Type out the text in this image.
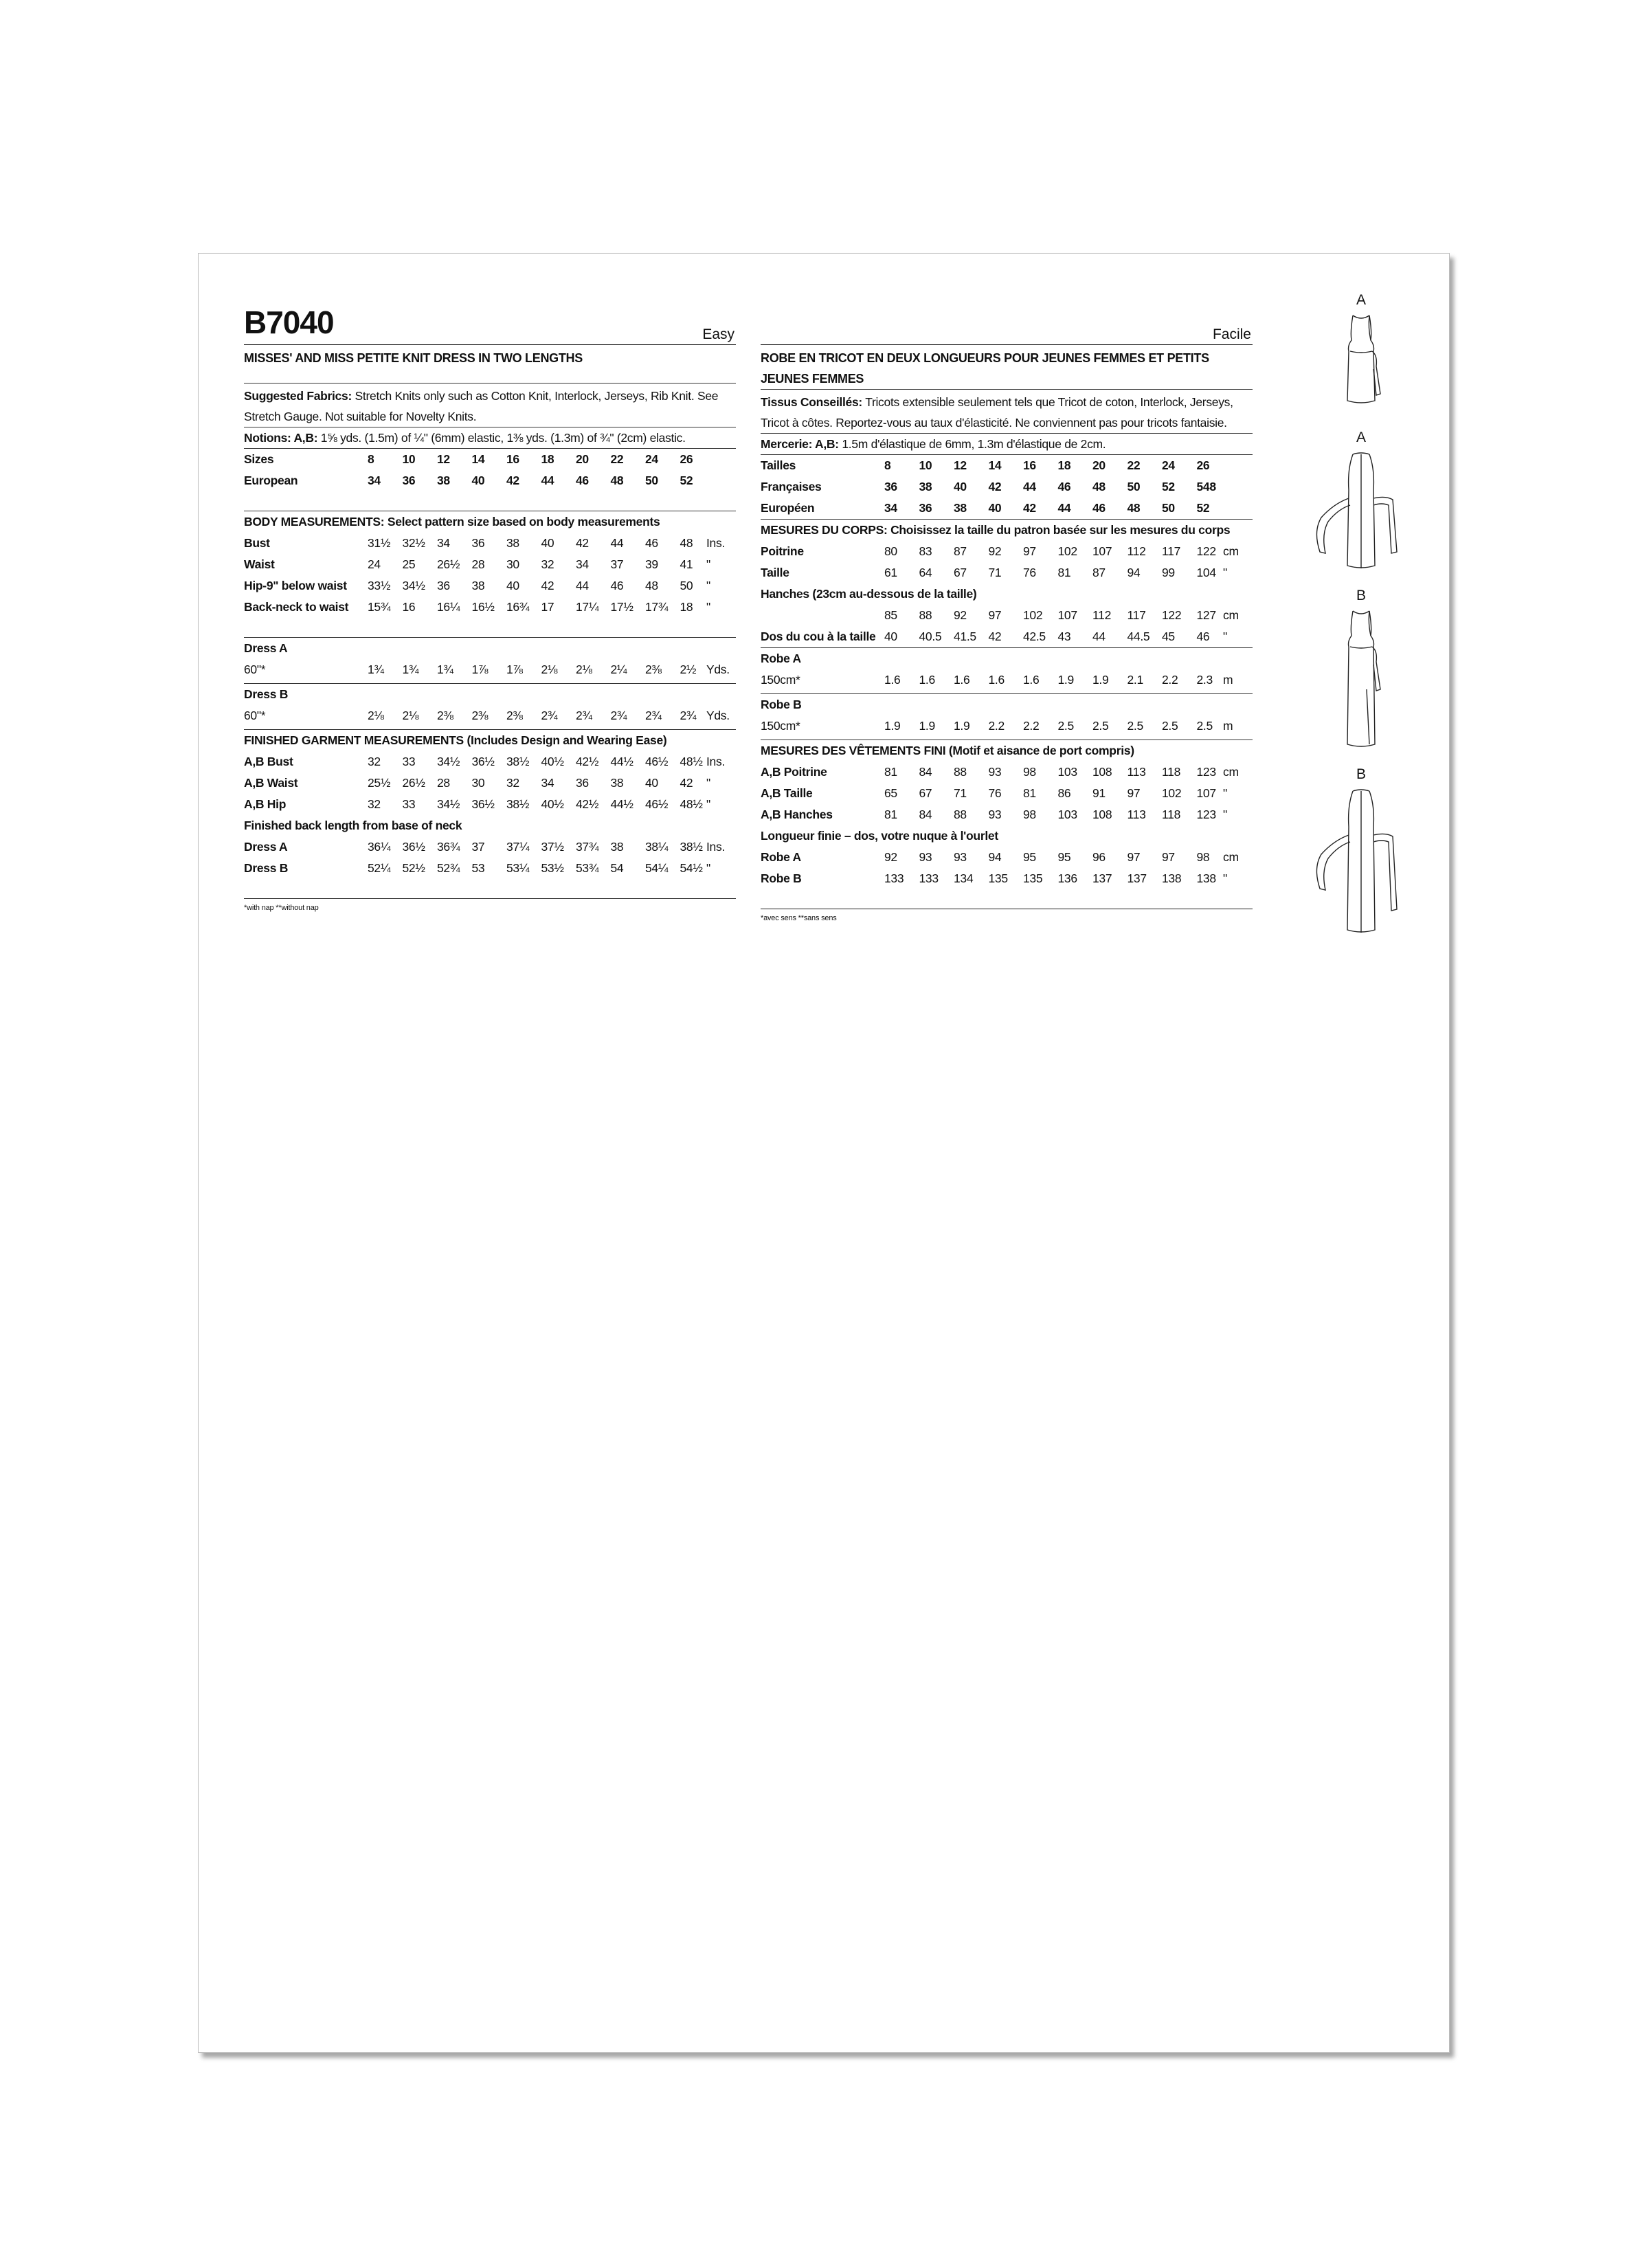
B7040	Easy
MISSES' AND MISS PETITE KNIT DRESS IN TWO LENGTHS
Suggested Fabrics: Stretch Knits only such as Cotton Knit, Interlock, Jerseys, Rib Knit. See Stretch Gauge. Not suitable for Novelty Knits.
Notions: A,B: 1⅝ yds. (1.5m) of ¼" (6mm) elastic, 1⅜ yds. (1.3m) of ¾" (2cm) elastic.
Sizes	8 10 12 14 16 18 20 22 24 26
European	34 36 38 40 42 44 46 48 50 52
BODY MEASUREMENTS: Select pattern size based on body measurements
Bust	31½ 32½ 34 36 38 40 42 44 46 48 Ins.
Waist	24 25 26½ 28 30 32 34 37 39 41 "
Hip-9" below waist 33½ 34½ 36 38 40 42 44 46 48 50 "
Back-neck to waist 15¾ 16 16¼ 16½ 16¾ 17 17¼ 17½ 17¾ 18 "
Dress A
60"*	1¾ 1¾ 1¾ 1⅞ 1⅞ 2⅛ 2⅛ 2¼ 2⅜ 2½ Yds.
Dress B
60"*	2⅛ 2⅛ 2⅜ 2⅜ 2⅜ 2¾ 2¾ 2¾ 2¾ 2¾ Yds.
FINISHED GARMENT MEASUREMENTS (Includes Design and Wearing Ease)
A,B Bust	32 33 34½ 36½ 38½ 40½ 42½ 44½ 46½ 48½ Ins.
A,B Waist	25½ 26½ 28 30 32 34 36 38 40 42 "
A,B Hip	32 33 34½ 36½ 38½ 40½ 42½ 44½ 46½ 48½ "
Finished back length from base of neck
Dress A	36¼ 36½ 36¾ 37 37¼ 37½ 37¾ 38 38¼ 38½ Ins.
Dress B	52¼ 52½ 52¾ 53 53¼ 53½ 53¾ 54 54¼ 54½ "
*with nap **without nap
Facile
ROBE EN TRICOT EN DEUX LONGUEURS POUR JEUNES FEMMES ET PETITS JEUNES FEMMES
Tissus Conseillés: Tricots extensible seulement tels que Tricot de coton, Interlock, Jerseys, Tricot à côtes. Reportez-vous au taux d'élasticité. Ne conviennent pas pour tricots fantaisie.
Mercerie: A,B: 1.5m d'élastique de 6mm, 1.3m d'élastique de 2cm.
Tailles	8 10 12 14 16 18 20 22 24 26
Françaises	36 38 40 42 44 46 48 50 52 548
Européen	34 36 38 40 42 44 46 48 50 52
MESURES DU CORPS: Choisissez la taille du patron basée sur les mesures du corps
Poitrine	80 83 87 92 97 102 107 112 117 122 cm
Taille	61 64 67 71 76 81 87 94 99 104 "
Hanches (23cm au-dessous de la taille)
85 88 92 97 102 107 112 117 122 127 cm
Dos du cou à la taille 40 40.5 41.5 42 42.5 43 44 44.5 45 46 "
Robe A
150cm*	1.6 1.6 1.6 1.6 1.6 1.9 1.9 2.1 2.2 2.3 m
Robe B
150cm*	1.9 1.9 1.9 2.2 2.2 2.5 2.5 2.5 2.5 2.5 m
MESURES DES VÊTEMENTS FINI (Motif et aisance de port compris)
A,B Poitrine	81 84 88 93 98 103 108 113 118 123 cm
A,B Taille	65 67 71 76 81 86 91 97 102 107 "
A,B Hanches	81 84 88 93 98 103 108 113 118 123 "
Longueur finie – dos, votre nuque à l'ourlet
Robe A	92 93 93 94 95 95 96 97 97 98 cm
Robe B	133 133 134 135 135 136 137 137 138 138 "
*avec sens **sans sens
A
A
B
B
